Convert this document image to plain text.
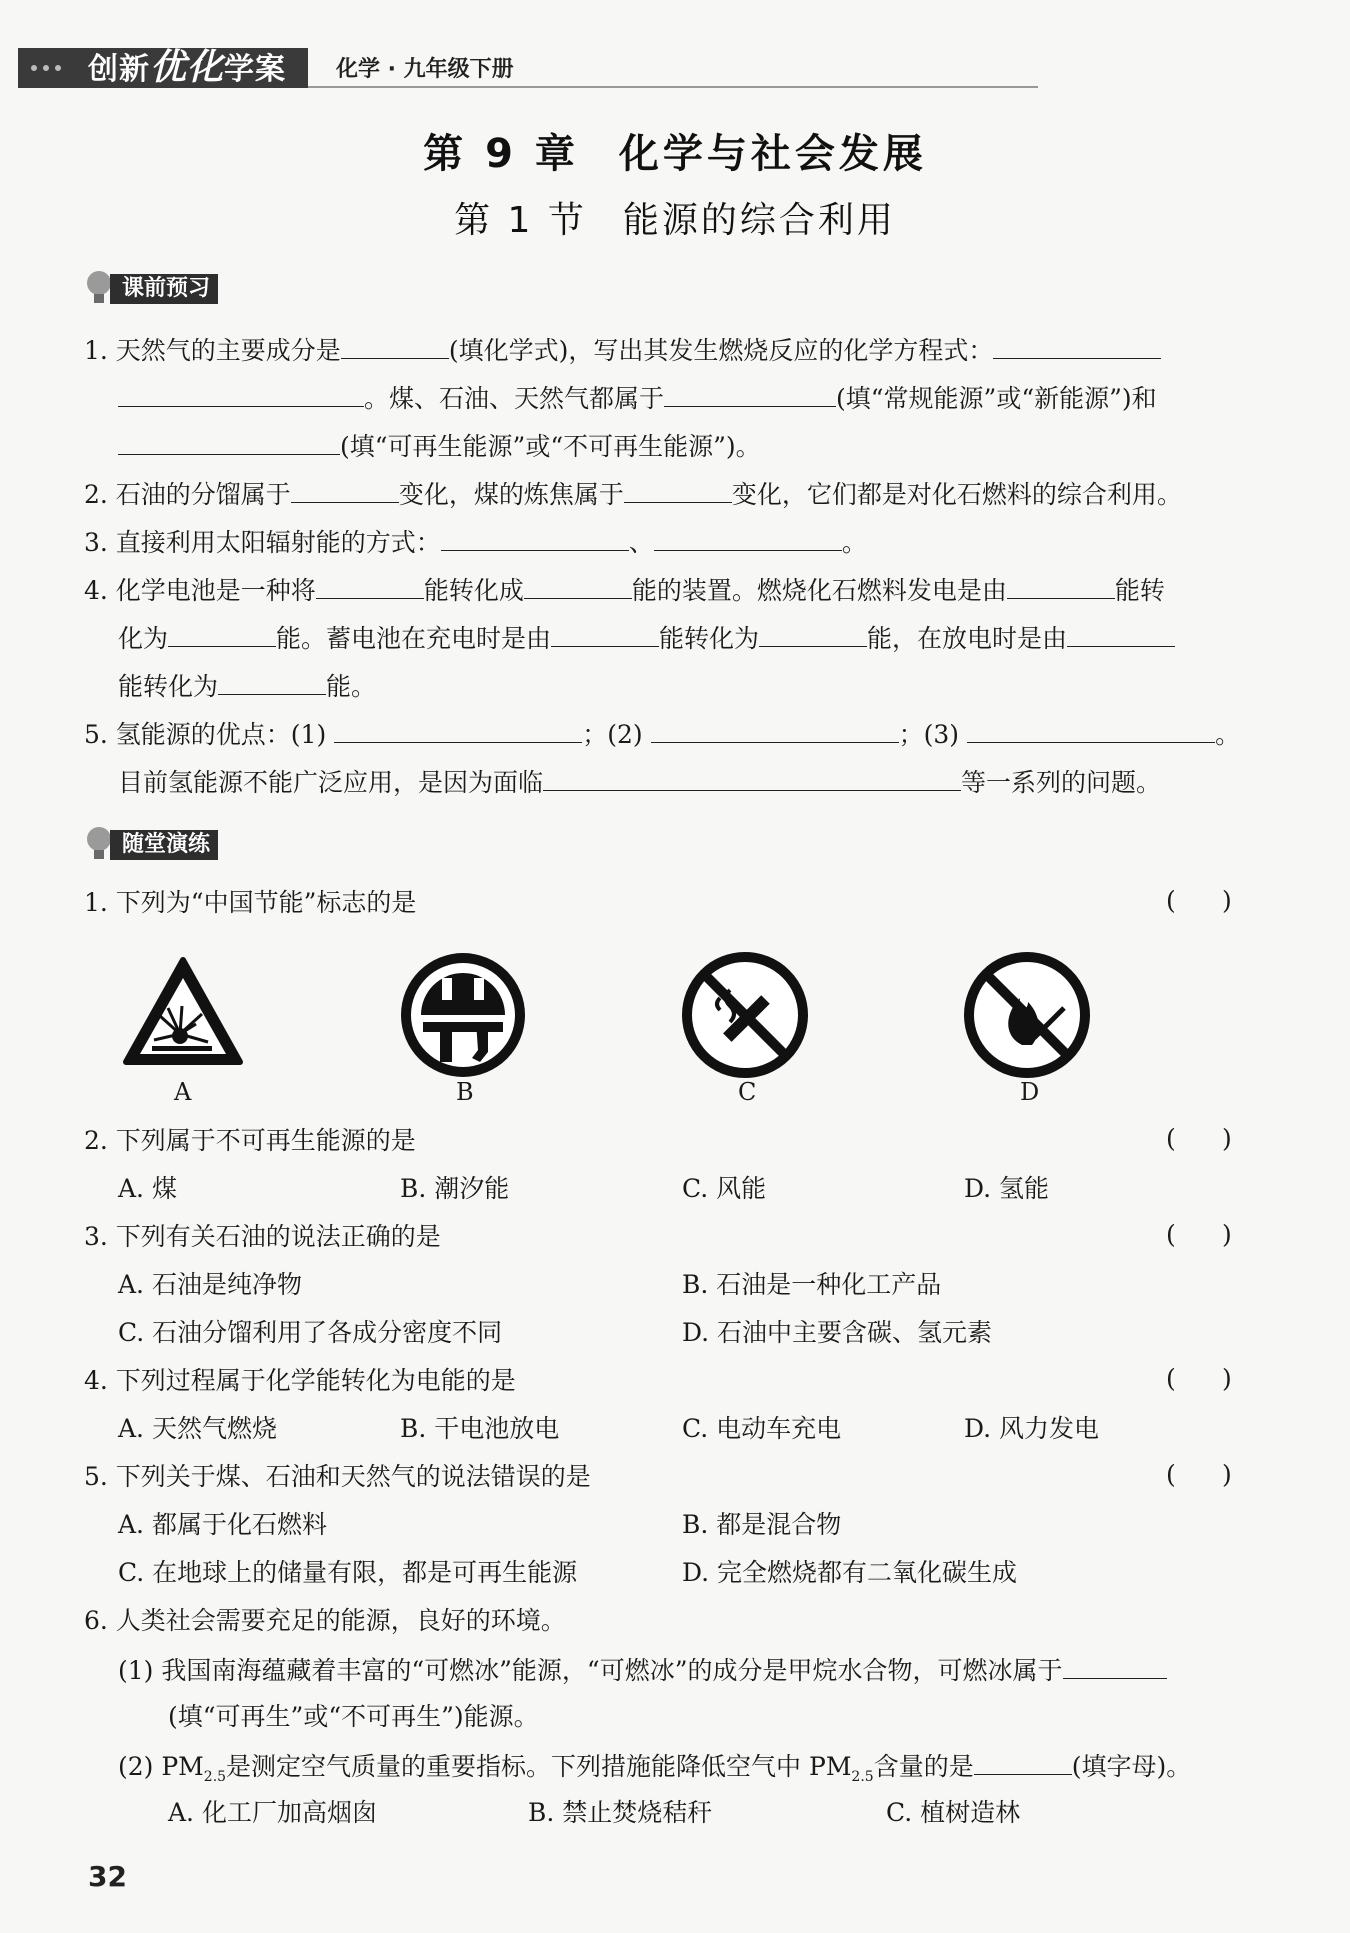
创新优化学案 化学 · 九年级下册
第 9 章 化学与社会发展
第 1 节 能源的综合利用
课前预习
1. 天然气的主要成分是	(填化学式)，写出其发生燃烧反应的化学方程式：
。煤、石油、天然气都属于	(填“常规能源”或“新能源”)和
(填“可再生能源”或“不可再生能源”)。
2. 石油的分馏属于	变化，煤的炼焦属于	变化，它们都是对化石燃料的综合利用。
3. 直接利用太阳辐射能的方式：	、	。
4. 化学电池是一种将	能转化成	能的装置。燃烧化石燃料发电是由	能转
化为	能。蓄电池在充电时是由	能转化为	能，在放电时是由
能转化为	能。
5. 氢能源的优点：(1)	；(2)	；(3)	。
目前氢能源不能广泛应用，是因为面临	等一系列的问题。
随堂演练
1. 下列为“中国节能”标志的是	( )
A	B	C	D
2. 下列属于不可再生能源的是	( )
A. 煤	B. 潮汐能	C. 风能	D. 氢能
3. 下列有关石油的说法正确的是	( )
A. 石油是纯净物	B. 石油是一种化工产品
C. 石油分馏利用了各成分密度不同	D. 石油中主要含碳、氢元素
4. 下列过程属于化学能转化为电能的是	( )
A. 天然气燃烧	B. 干电池放电	C. 电动车充电	D. 风力发电
5. 下列关于煤、石油和天然气的说法错误的是	( )
A. 都属于化石燃料	B. 都是混合物
C. 在地球上的储量有限，都是可再生能源	D. 完全燃烧都有二氧化碳生成
6. 人类社会需要充足的能源，良好的环境。
(1) 我国南海蕴藏着丰富的“可燃冰”能源，“可燃冰”的成分是甲烷水合物，可燃冰属于
(填“可再生”或“不可再生”)能源。
(2) $PM_{2.5}$是测定空气质量的重要指标。下列措施能降低空气中 $PM_{2.5}$含量的是	(填字母)。
A. 化工厂加高烟囱	B. 禁止焚烧秸秆	C. 植树造林
32
